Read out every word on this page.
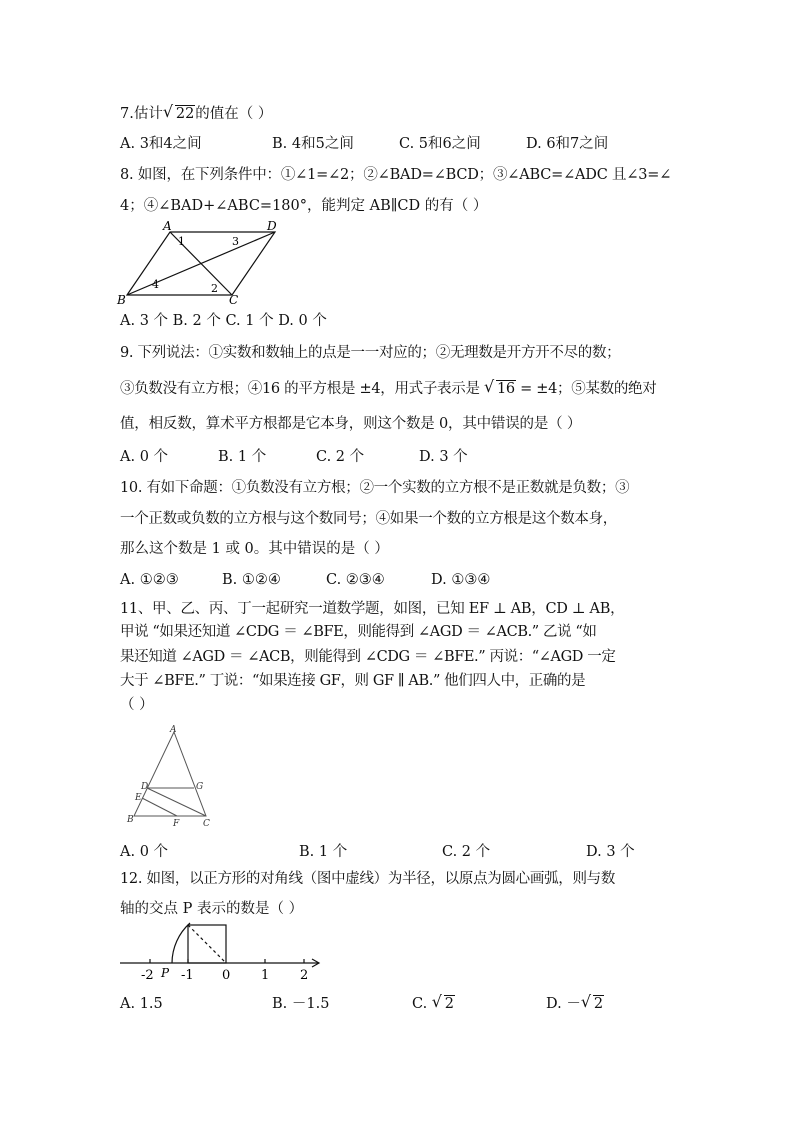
7.估计 √ 22的值在（ ）
A. 3和4之间	B. 4和5之间	C. 5和6之间	D. 6和7之间
8. 如图，在下列条件中：①∠1=∠2；②∠BAD=∠BCD；③∠ABC=∠ADC 且∠3=∠
4；④∠BAD+∠ABC=180°，能判定 AB∥CD 的有（ ）
A	D
B	C
1
2
3
4
A. 3 个 B. 2 个 C. 1 个 D. 0 个
9. 下列说法：①实数和数轴上的点是一一对应的；②无理数是开方开不尽的数；
③负数没有立方根；④16 的平方根是 ±4，用式子表示是 √ 16 = ±4；⑤某数的绝对
值，相反数，算术平方根都是它本身，则这个数是 0，其中错误的是（ ）
A. 0 个	B. 1 个	C. 2 个	D. 3 个
10. 有如下命题：①负数没有立方根；②一个实数的立方根不是正数就是负数；③
一个正数或负数的立方根与这个数同号；④如果一个数的立方根是这个数本身，
那么这个数是 1 或 0。其中错误的是（ ）
A. ①②③	B. ①②④	C. ②③④	D. ①③④
11、甲、乙、丙、丁一起研究一道数学题，如图，已知 EF ⊥ AB，CD ⊥ AB，
甲说 “如果还知道 ∠CDG ＝ ∠BFE，则能得到 ∠AGD ＝ ∠ACB.” 乙说 “如
果还知道 ∠AGD ＝ ∠ACB，则能得到 ∠CDG ＝ ∠BFE.” 丙说：“∠AGD 一定
大于 ∠BFE.” 丁说：“如果连接 GF，则 GF ∥ AB.” 他们四人中，正确的是
（ ）
A
D	G
E
B	F	C
A. 0 个	B. 1 个	C. 2 个	D. 3 个
12. 如图，以正方形的对角线（图中虚线）为半径，以原点为圆心画弧，则与数
轴的交点 P 表示的数是（ ）
-2 P -1 0 1 2
A. 1.5	B. －1.5	C. √ 2	D. － √ 2
